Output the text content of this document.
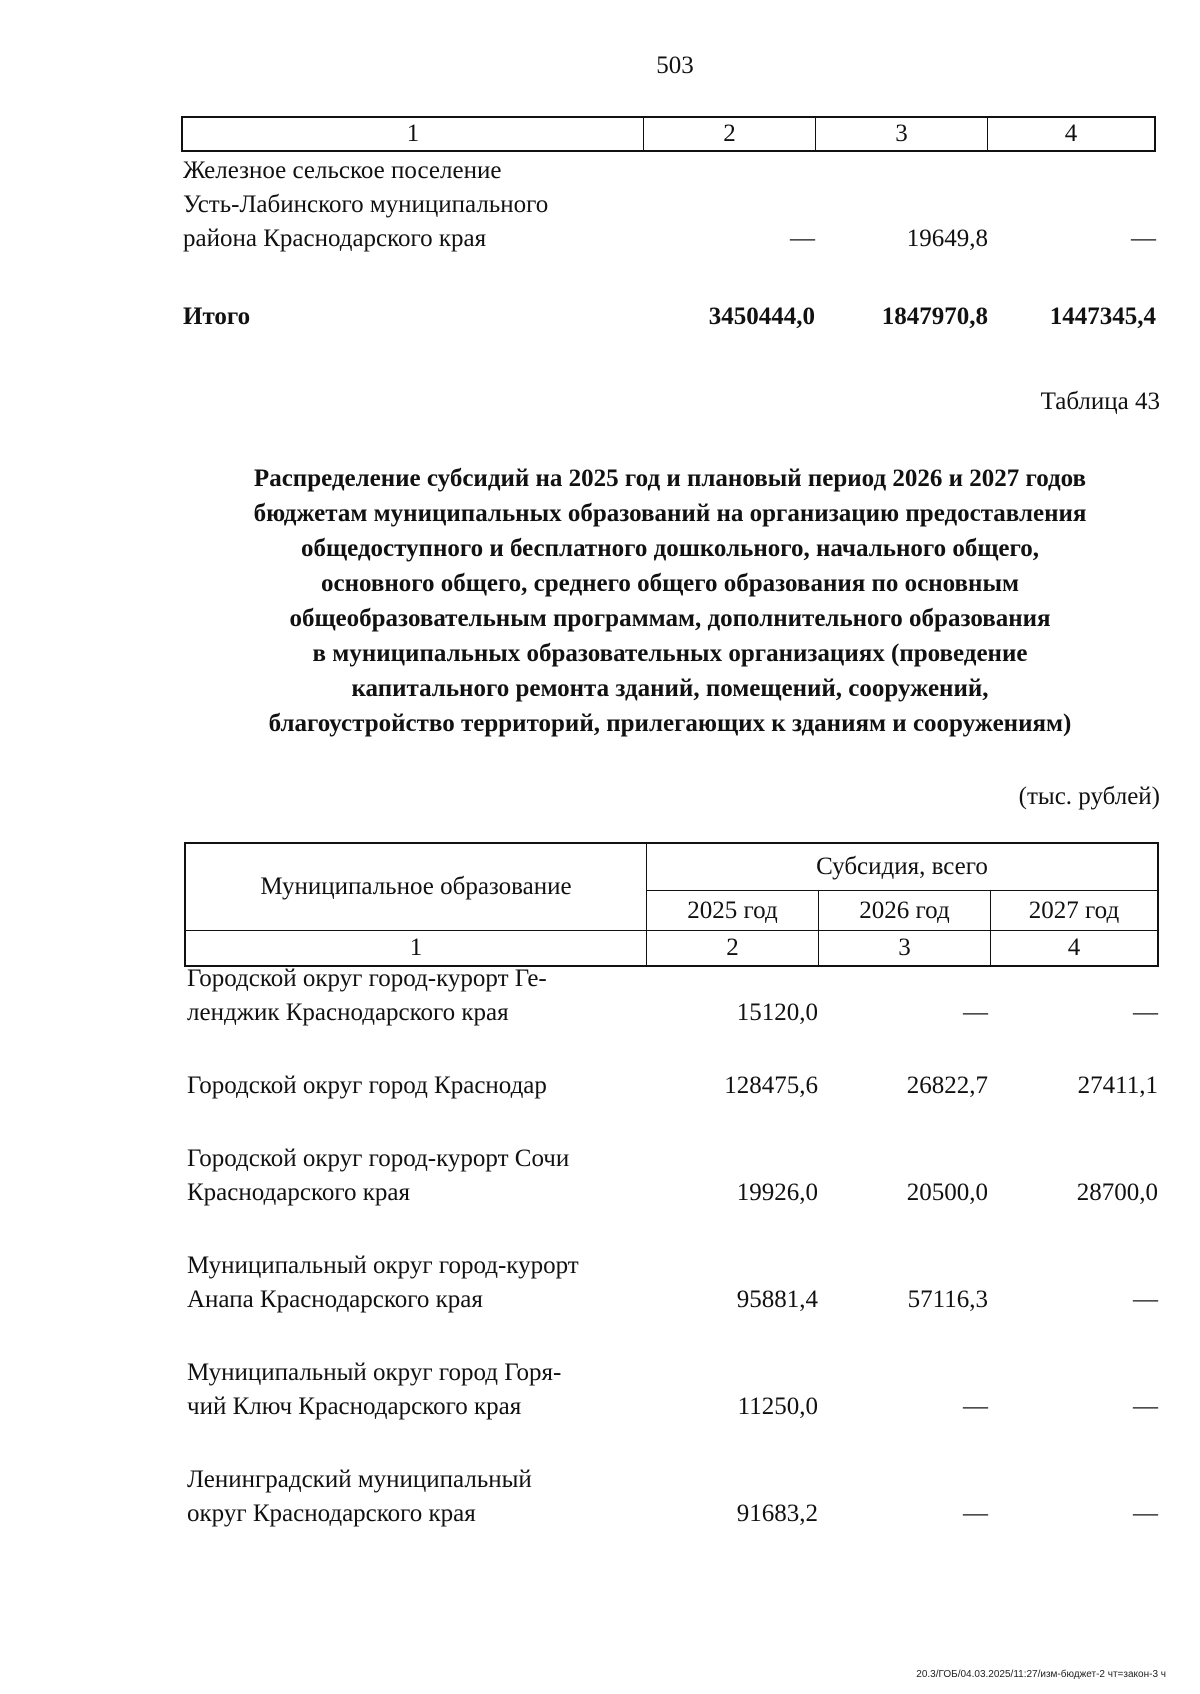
503
1	2	3	4
Железное сельское поселение
Усть-Лабинского муниципального
района Краснодарского края	—	19649,8	—
Итого	3450444,0	1847970,8 1447345,4
Таблица 43
Распределение субсидий на 2025 год и плановый период 2026 и 2027 годов
бюджетам муниципальных образований на организацию предоставления
общедоступного и бесплатного дошкольного, начального общего,
основного общего, среднего общего образования по основным
общеобразовательным программам, дополнительного образования
в муниципальных образовательных организациях (проведение
капитального ремонта зданий, помещений, сооружений,
благоустройство территорий, прилегающих к зданиям и сооружениям)
(тыс. рублей)
Муниципальное образование
Субсидия, всего
2025 год	2026 год	2027 год
1	2	3	4
Городской округ город-курорт Ге-
ленджик Краснодарского края	15120,0	—	—
Городской округ город Краснодар	128475,6	26822,7	27411,1
Городской округ город-курорт Сочи
Краснодарского края	19926,0	20500,0	28700,0
Муниципальный округ город-курорт
Анапа Краснодарского края	95881,4	57116,3	—
Муниципальный округ город Горя-
чий Ключ Краснодарского края	11250,0	—	—
Ленинградский муниципальный
округ Краснодарского края	91683,2	—	—
20.3/ГОБ/04.03.2025/11:27/изм-бюджет-2 чт=закон-3 ч
